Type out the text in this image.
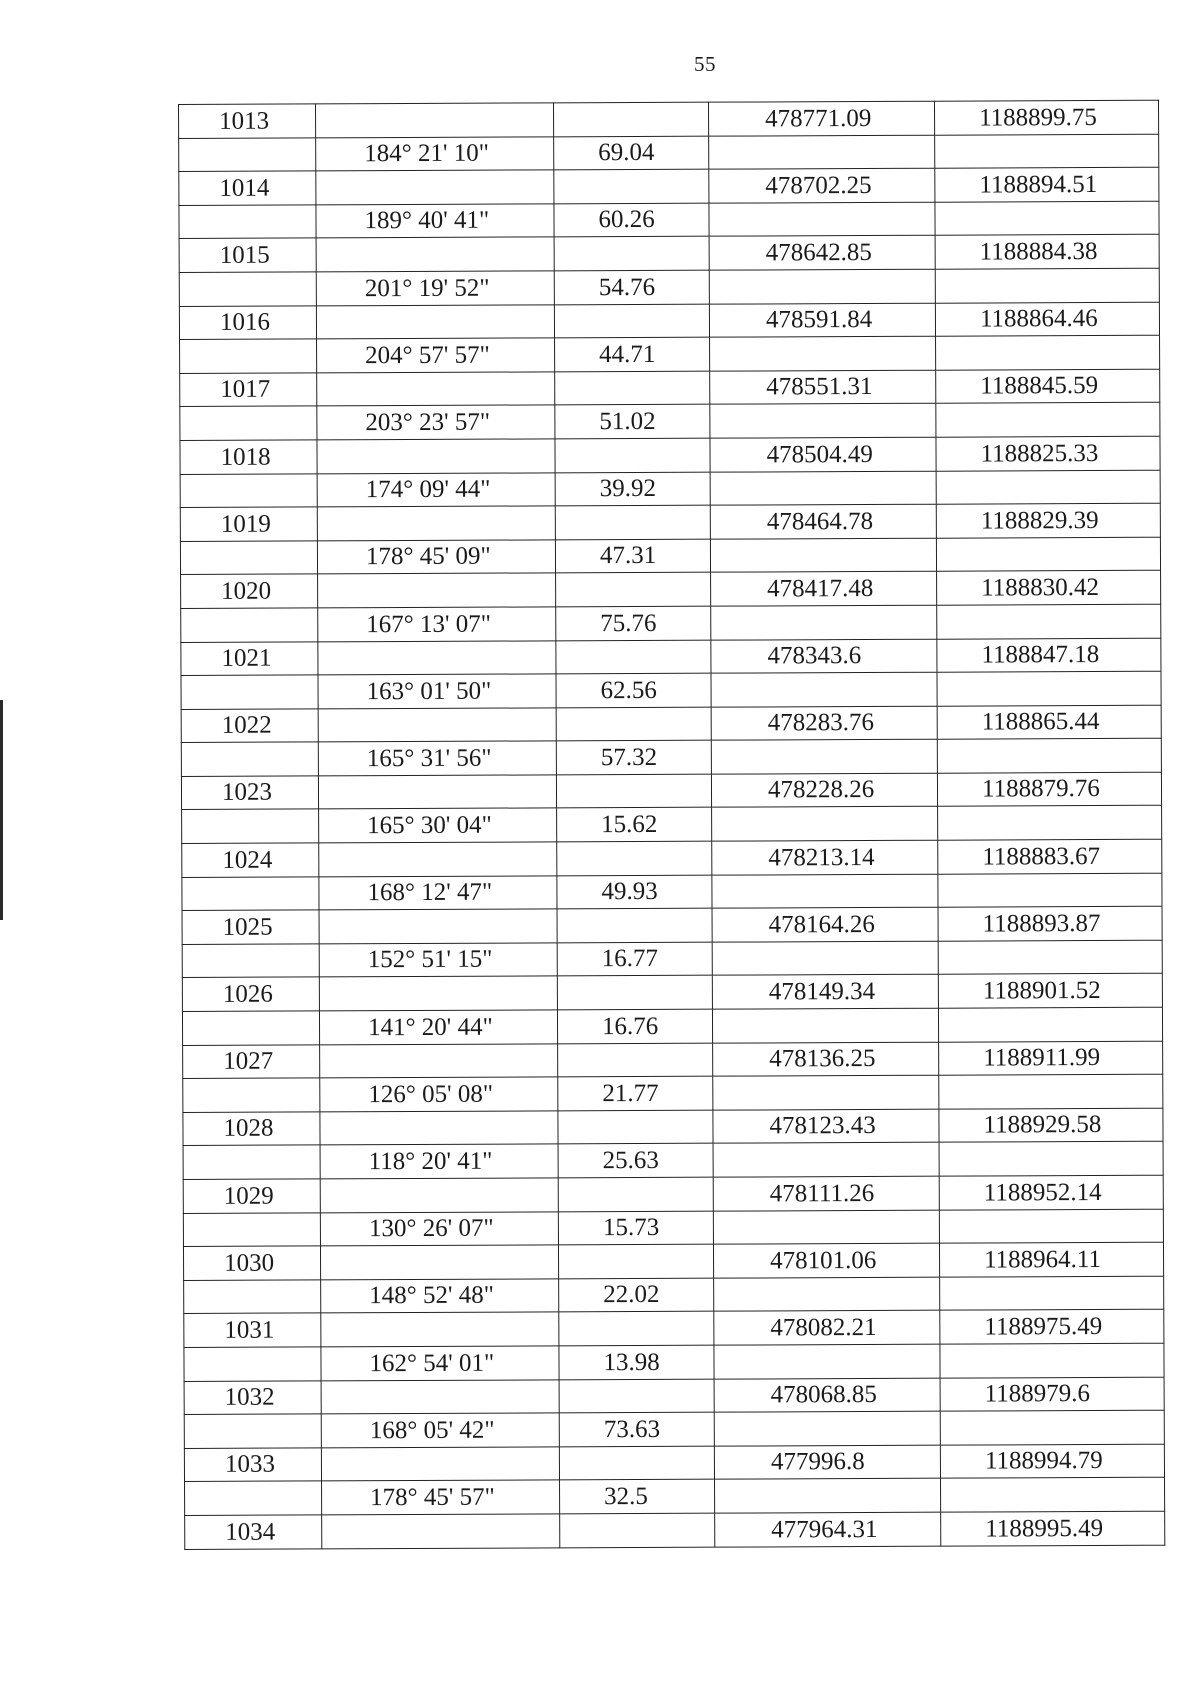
55
1013			478771.09	1188899.75
	184° 21' 10"	69.04		
1014			478702.25	1188894.51
	189° 40' 41"	60.26		
1015			478642.85	1188884.38
	201° 19' 52"	54.76		
1016			478591.84	1188864.46
	204° 57' 57"	44.71		
1017			478551.31	1188845.59
	203° 23' 57"	51.02		
1018			478504.49	1188825.33
	174° 09' 44"	39.92		
1019			478464.78	1188829.39
	178° 45' 09"	47.31		
1020			478417.48	1188830.42
	167° 13' 07"	75.76		
1021			478343.6	1188847.18
	163° 01' 50"	62.56		
1022			478283.76	1188865.44
	165° 31' 56"	57.32		
1023			478228.26	1188879.76
	165° 30' 04"	15.62		
1024			478213.14	1188883.67
	168° 12' 47"	49.93		
1025			478164.26	1188893.87
	152° 51' 15"	16.77		
1026			478149.34	1188901.52
	141° 20' 44"	16.76		
1027			478136.25	1188911.99
	126° 05' 08"	21.77		
1028			478123.43	1188929.58
	118° 20' 41"	25.63		
1029			478111.26	1188952.14
	130° 26' 07"	15.73		
1030			478101.06	1188964.11
	148° 52' 48"	22.02		
1031			478082.21	1188975.49
	162° 54' 01"	13.98		
1032			478068.85	1188979.6
	168° 05' 42"	73.63		
1033			477996.8	1188994.79
	178° 45' 57"	32.5		
1034			477964.31	1188995.49
